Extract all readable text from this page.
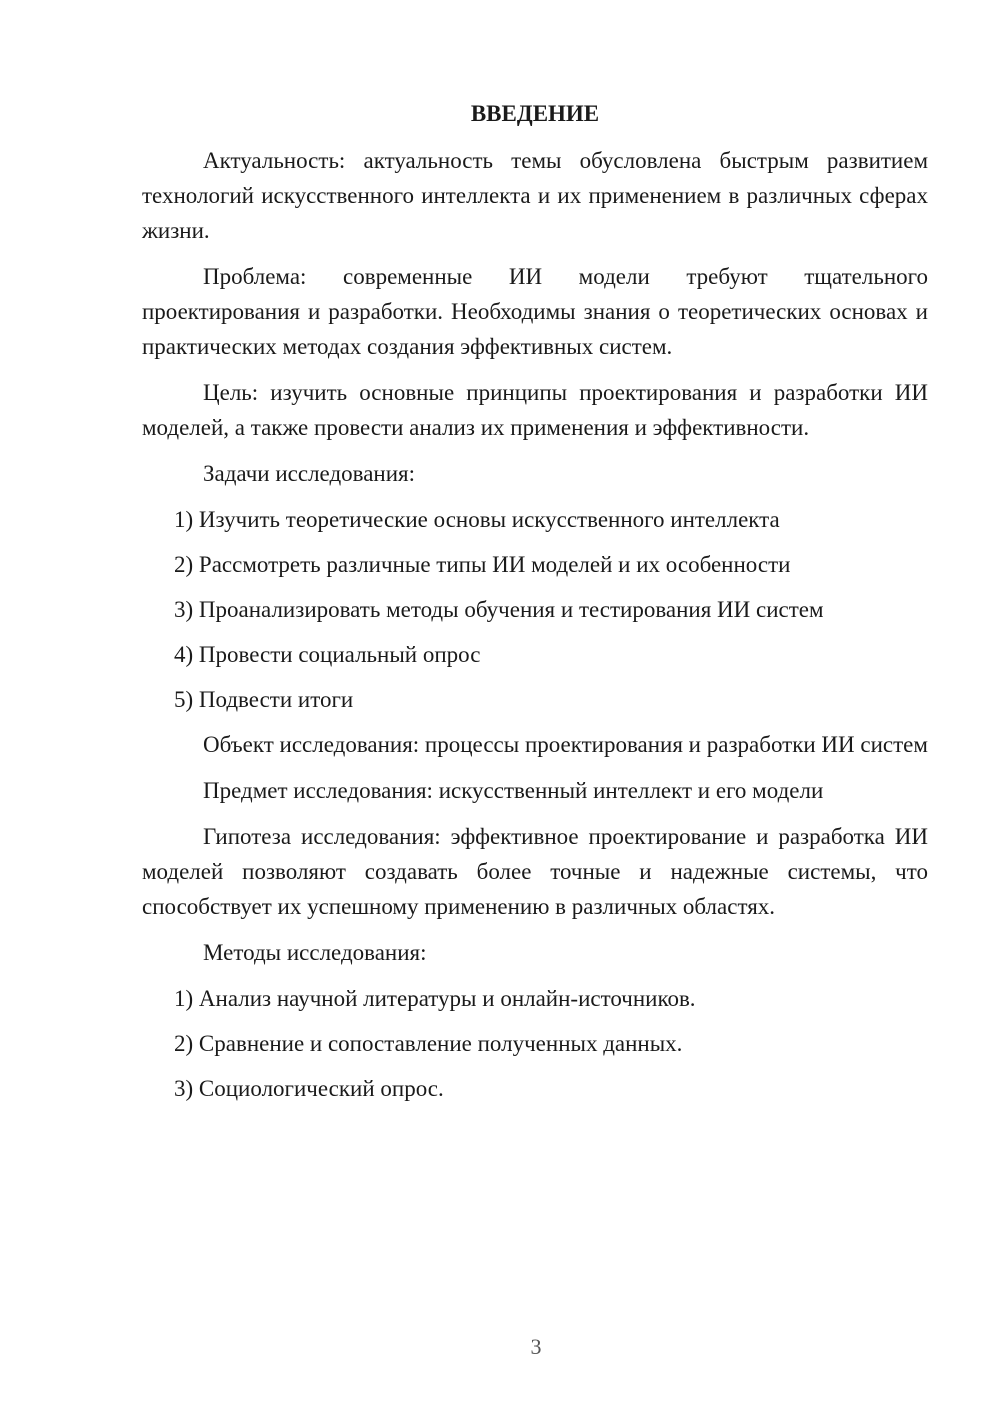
ВВЕДЕНИЕ

Актуальность: актуальность темы обусловлена быстрым развитием технологий искусственного интеллекта и их применением в различных сферах жизни.

Проблема: современные ИИ модели требуют тщательного проектирования и разработки. Необходимы знания о теоретических основах и практических методах создания эффективных систем.

Цель: изучить основные принципы проектирования и разработки ИИ моделей, а также провести анализ их применения и эффективности.

Задачи исследования:

1) Изучить теоретические основы искусственного интеллекта

2) Рассмотреть различные типы ИИ моделей и их особенности

3) Проанализировать методы обучения и тестирования ИИ систем

4) Провести социальный опрос

5) Подвести итоги

Объект исследования: процессы проектирования и разработки ИИ систем

Предмет исследования: искусственный интеллект и его модели

Гипотеза исследования: эффективное проектирование и разработка ИИ моделей позволяют создавать более точные и надежные системы, что способствует их успешному применению в различных областях.

Методы исследования:

1) Анализ научной литературы и онлайн-источников.

2) Сравнение и сопоставление полученных данных.

3) Социологический опрос.

3
